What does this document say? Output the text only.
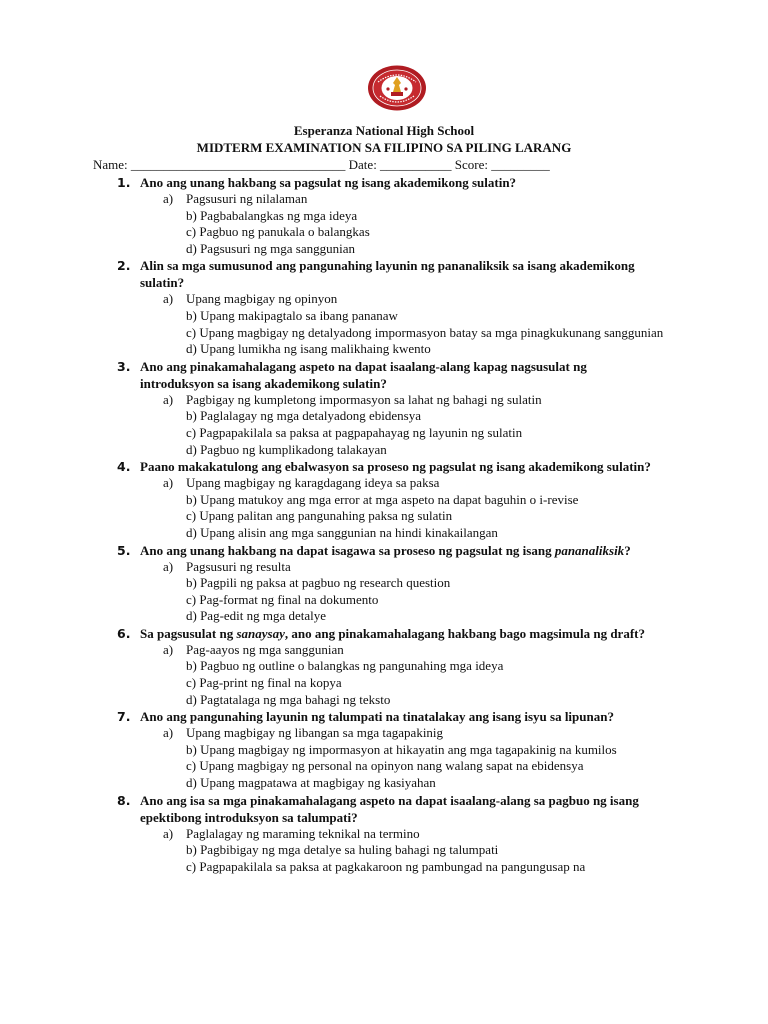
Esperanza National High School
MIDTERM EXAMINATION SA FILIPINO SA PILING LARANG
Name: _________________________________ Date: ___________ Score: _________
1. Ano ang unang hakbang sa pagsulat ng isang akademikong sulatin?
a) Pagsusuri ng nilalaman
b) Pagbabalangkas ng mga ideya
c) Pagbuo ng panukala o balangkas
d) Pagsusuri ng mga sanggunian
2. Alin sa mga sumusunod ang pangunahing layunin ng pananaliksik sa isang akademikong sulatin?
a) Upang magbigay ng opinyon
b) Upang makipagtalo sa ibang pananaw
c) Upang magbigay ng detalyadong impormasyon batay sa mga pinagkukunang sanggunian
d) Upang lumikha ng isang malikhaing kwento
3. Ano ang pinakamahalagang aspeto na dapat isaalang-alang kapag nagsusulat ng introduksyon sa isang akademikong sulatin?
a) Pagbigay ng kumpletong impormasyon sa lahat ng bahagi ng sulatin
b) Paglalagay ng mga detalyadong ebidensya
c) Pagpapakilala sa paksa at pagpapahayag ng layunin ng sulatin
d) Pagbuo ng kumplikadong talakayan
4. Paano makakatulong ang ebalwasyon sa proseso ng pagsulat ng isang akademikong sulatin?
a) Upang magbigay ng karagdagang ideya sa paksa
b) Upang matukoy ang mga error at mga aspeto na dapat baguhin o i-revise
c) Upang palitan ang pangunahing paksa ng sulatin
d) Upang alisin ang mga sanggunian na hindi kinakailangan
5. Ano ang unang hakbang na dapat isagawa sa proseso ng pagsulat ng isang pananaliksik?
a) Pagsusuri ng resulta
b) Pagpili ng paksa at pagbuo ng research question
c) Pag-format ng final na dokumento
d) Pag-edit ng mga detalye
6. Sa pagsusulat ng sanaysay, ano ang pinakamahalagang hakbang bago magsimula ng draft?
a) Pag-aayos ng mga sanggunian
b) Pagbuo ng outline o balangkas ng pangunahing mga ideya
c) Pag-print ng final na kopya
d) Pagtatalaga ng mga bahagi ng teksto
7. Ano ang pangunahing layunin ng talumpati na tinatalakay ang isang isyu sa lipunan?
a) Upang magbigay ng libangan sa mga tagapakinig
b) Upang magbigay ng impormasyon at hikayatin ang mga tagapakinig na kumilos
c) Upang magbigay ng personal na opinyon nang walang sapat na ebidensya
d) Upang magpatawa at magbigay ng kasiyahan
8. Ano ang isa sa mga pinakamahalagang aspeto na dapat isaalang-alang sa pagbuo ng isang epektibong introduksyon sa talumpati?
a) Paglalagay ng maraming teknikal na termino
b) Pagbibigay ng mga detalye sa huling bahagi ng talumpati
c) Pagpapakilala sa paksa at pagkakaroon ng pambungad na pangungusap na
